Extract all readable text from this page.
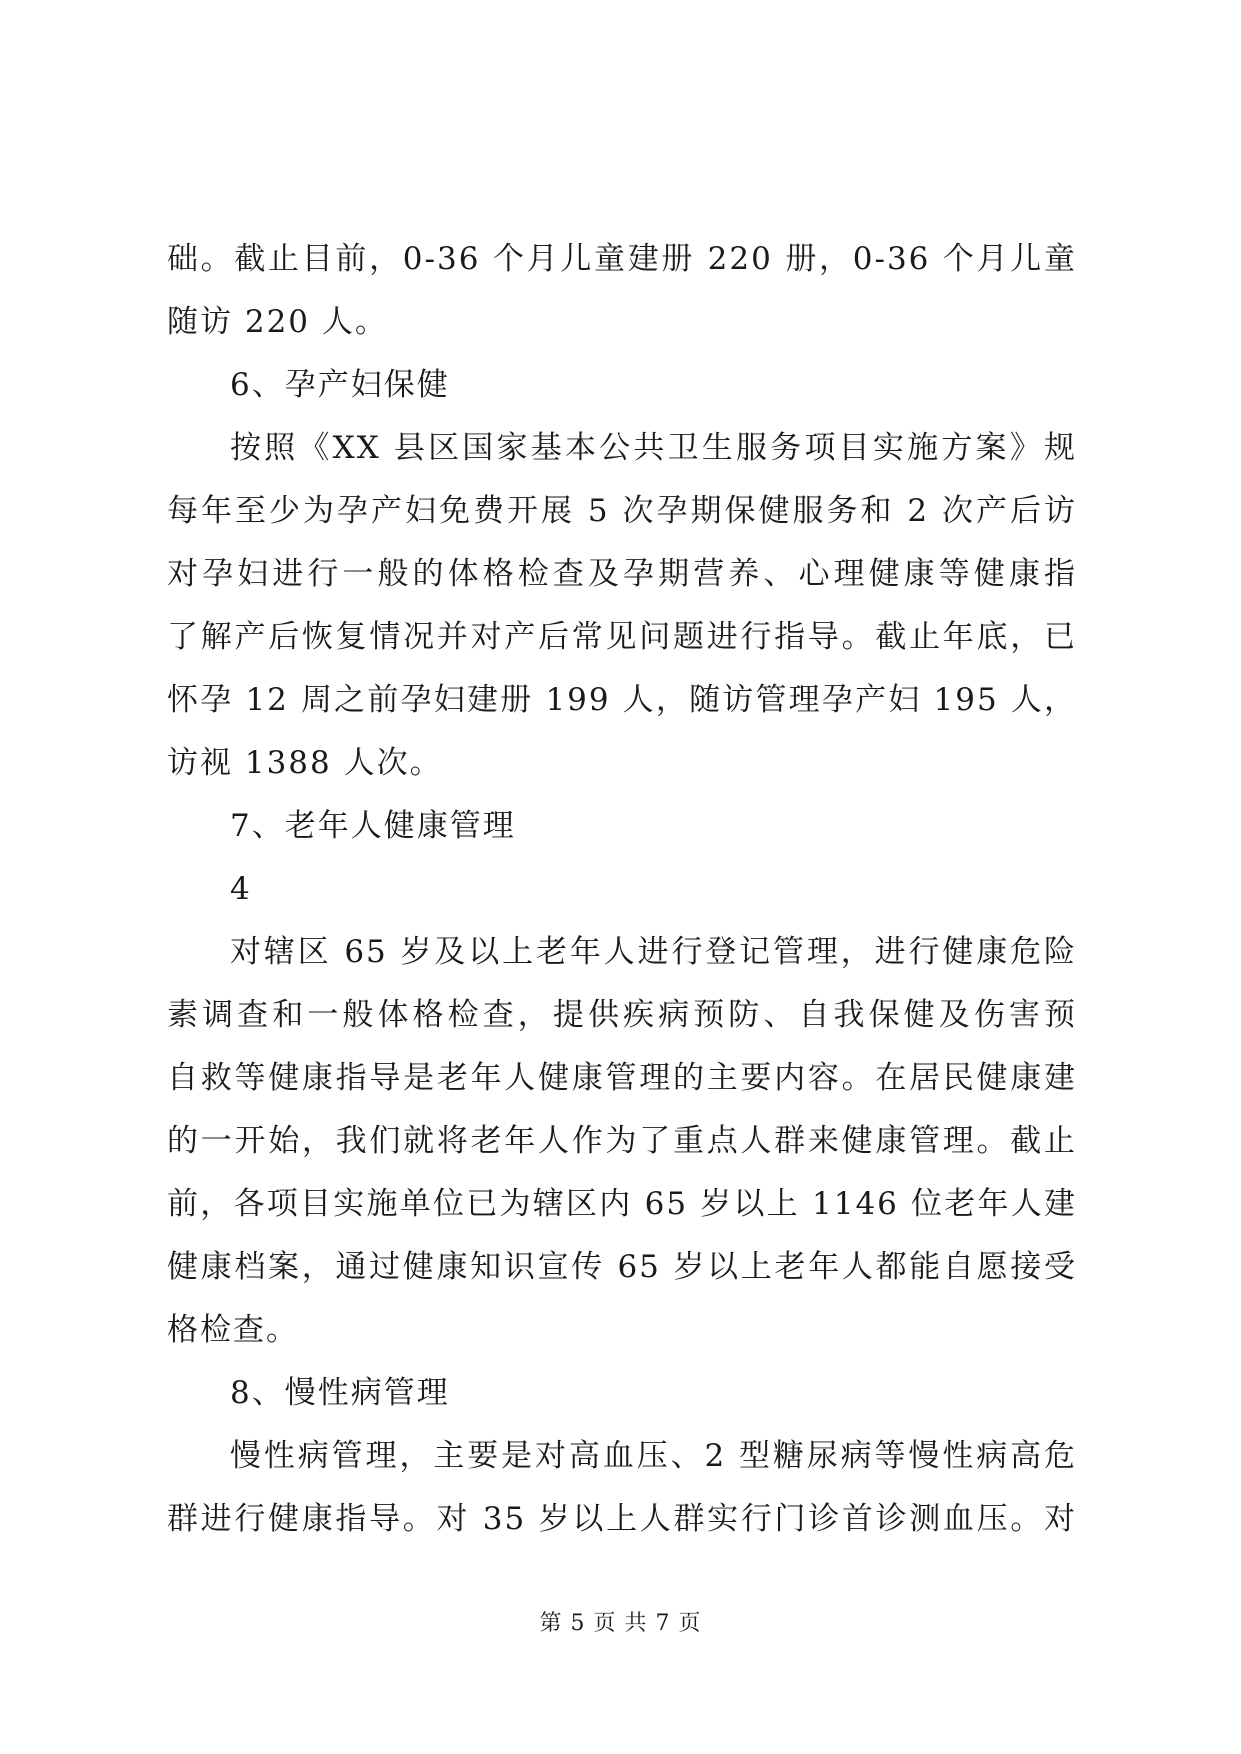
础。截止目前，0-36 个月儿童建册 220 册，0-36 个月儿童
随访 220 人。
6、孕产妇保健
按照《XX 县区国家基本公共卫生服务项目实施方案》规
每年至少为孕产妇免费开展 5 次孕期保健服务和 2 次产后访
对孕妇进行一般的体格检查及孕期营养、心理健康等健康指
了解产后恢复情况并对产后常见问题进行指导。截止年底，已
怀孕 12 周之前孕妇建册 199 人，随访管理孕产妇 195 人，
访视 1388 人次。
7、老年人健康管理
4
对辖区 65 岁及以上老年人进行登记管理，进行健康危险
素调查和一般体格检查，提供疾病预防、自我保健及伤害预
自救等健康指导是老年人健康管理的主要内容。在居民健康建
的一开始，我们就将老年人作为了重点人群来健康管理。截止
前，各项目实施单位已为辖区内 65 岁以上 1146 位老年人建
健康档案，通过健康知识宣传 65 岁以上老年人都能自愿接受
格检查。
8、慢性病管理
慢性病管理，主要是对高血压、2 型糖尿病等慢性病高危
群进行健康指导。对 35 岁以上人群实行门诊首诊测血压。对
第 5 页 共 7 页
